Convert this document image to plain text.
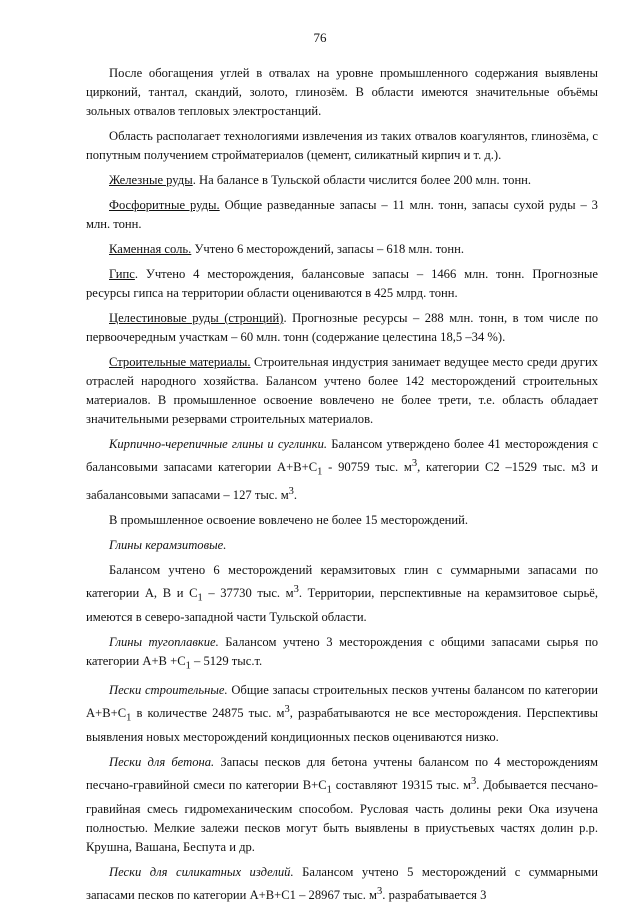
76

После обогащения углей в отвалах на уровне промышленного содержания выявлены цирконий, тантал, скандий, золото, глинозём. В области имеются значительные объёмы зольных отвалов тепловых электростанций.

Область располагает технологиями извлечения из таких отвалов коагулянтов, глинозёма, с попутным получением стройматериалов (цемент, силикатный кирпич и т. д.).

Железные руды. На балансе в Тульской области числится более 200 млн. тонн.

Фосфоритные руды. Общие разведанные запасы – 11 млн. тонн, запасы сухой руды – 3 млн. тонн.

Каменная соль. Учтено 6 месторождений, запасы – 618 млн. тонн.

Гипс. Учтено 4 месторождения, балансовые запасы – 1466 млн. тонн. Прогнозные ресурсы гипса на территории области оцениваются в 425 млрд. тонн.

Целестиновые руды (стронций). Прогнозные ресурсы – 288 млн. тонн, в том числе по первоочередным участкам – 60 млн. тонн (содержание целестина 18,5 –34 %).

Строительные материалы. Строительная индустрия занимает ведущее место среди других отраслей народного хозяйства. Балансом учтено более 142 месторождений строительных материалов. В промышленное освоение вовлечено не более трети, т.е. область обладает значительными резервами строительных материалов.

Кирпично-черепичные глины и суглинки. Балансом утверждено более 41 месторождения с балансовыми запасами категории $А+В+С_1 - 90759$ тыс. $м^3$, категории С2 –1529 тыс. м3 и забалансовыми запасами – 127 тыс. $м^3$.

В промышленное освоение вовлечено не более 15 месторождений.

Глины керамзитовые.

Балансом учтено 6 месторождений керамзитовых глин с суммарными запасами по категории А, В и $С_1 - 37730$ тыс. $м^3$. Территории, перспективные на керамзитовое сырьё, имеются в северо-западной части Тульской области.

Глины тугоплавкие. Балансом учтено 3 месторождения с общими запасами сырья по категории $А+В +С_1 - 5129$ тыс.т.

Пески строительные. Общие запасы строительных песков учтены балансом по категории $А+В+С_1$ в количестве 24875 тыс. $м^3$, разрабатываются не все месторождения. Перспективы выявления новых месторождений кондиционных песков оцениваются низко.

Пески для бетона. Запасы песков для бетона учтены балансом по 4 месторождениям песчано-гравийной смеси по категории $В+С_1$ составляют 19315 тыс. $м^3$. Добывается песчано-гравийная смесь гидромеханическим способом. Русловая часть долины реки Ока изучена полностью. Мелкие залежи песков могут быть выявлены в приустьевых частях долин р.р. Крушна, Вашана, Беспута и др.

Пески для силикатных изделий. Балансом учтено 5 месторождений с суммарными запасами песков по категории А+В+С1 – 28967 тыс. $м^3$. разрабатывается 3
